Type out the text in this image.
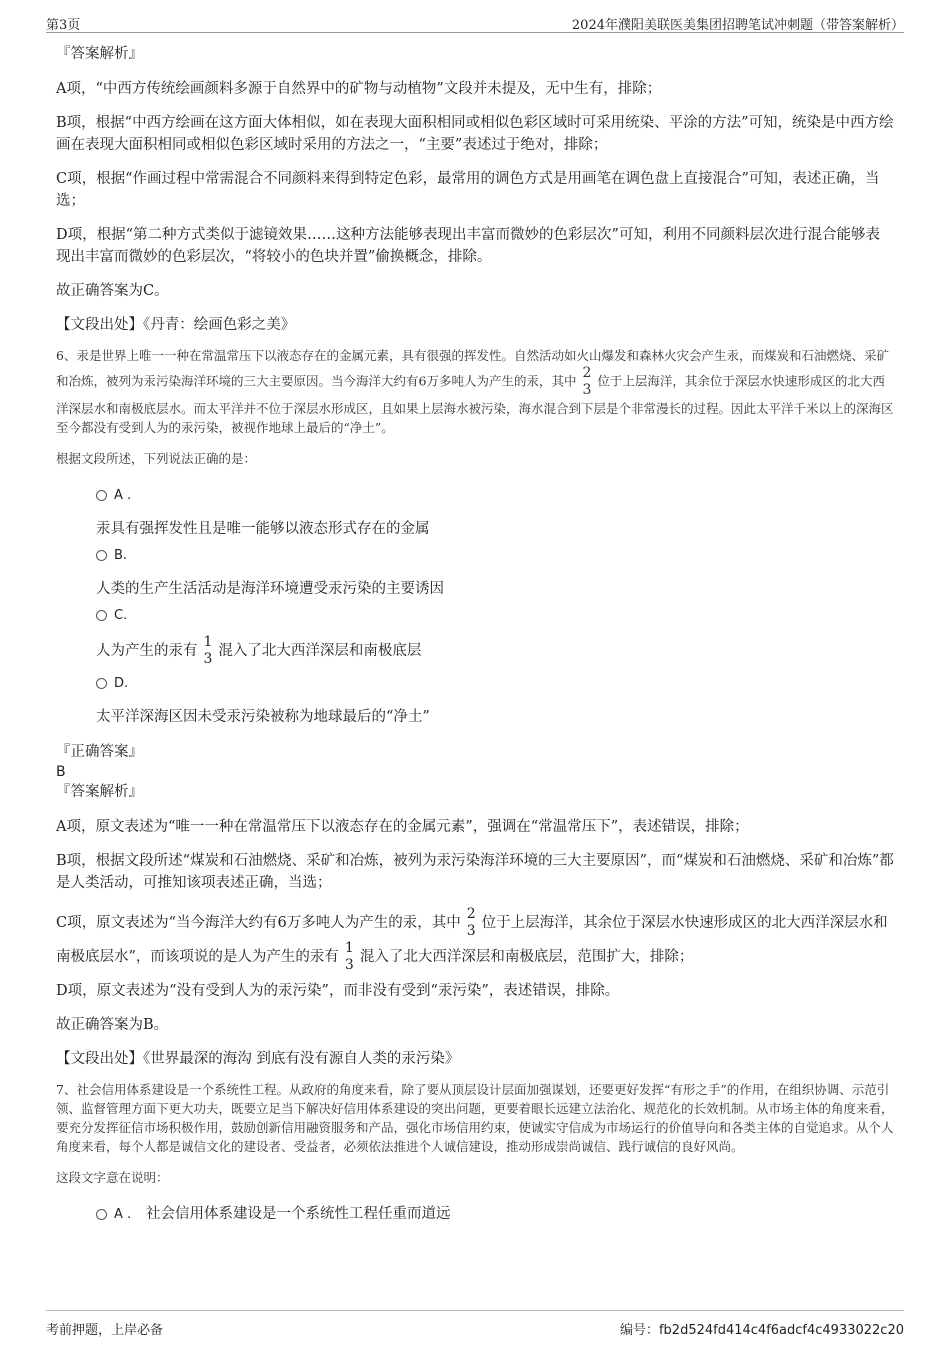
第3页	2024年濮阳美联医美集团招聘笔试冲刺题（带答案解析）

『答案解析』

A项，“中西方传统绘画颜料多源于自然界中的矿物与动植物”文段并未提及，无中生有，排除；

B项，根据“中西方绘画在这方面大体相似，如在表现大面积相同或相似色彩区域时可采用统染、平涂的方法”可知，统染是中西方绘画在表现大面积相同或相似色彩区域时采用的方法之一，“主要”表述过于绝对，排除；

C项，根据“作画过程中常需混合不同颜料来得到特定色彩，最常用的调色方式是用画笔在调色盘上直接混合”可知，表述正确，当选；

D项，根据“第二种方式类似于滤镜效果……这种方法能够表现出丰富而微妙的色彩层次”可知，利用不同颜料层次进行混合能够表现出丰富而微妙的色彩层次，“将较小的色块并置”偷换概念，排除。

故正确答案为C。

【文段出处】《丹青：绘画色彩之美》

6、汞是世界上唯一一种在常温常压下以液态存在的金属元素，具有很强的挥发性。自然活动如火山爆发和森林火灾会产生汞，而煤炭和石油燃烧、采矿和冶炼，被列为汞污染海洋环境的三大主要原因。当今海洋大约有6万多吨人为产生的汞，其中 2
3
位于上层海洋，其余位于深层水快速形成区的北大西洋深层水和南极底层水。而太平洋并不位于深层水形成区，且如果上层海水被污染，海水混合到下层是个非常漫长的过程。因此太平洋千米以上的深海区至今都没有受到人为的汞污染，被视作地球上最后的“净土”。

根据文段所述，下列说法正确的是：

A .

汞具有强挥发性且是唯一能够以液态形式存在的金属

B.

人类的生产生活活动是海洋环境遭受汞污染的主要诱因

C.

人为产生的汞有
1
3 混入了北大西洋深层和南极底层

D.

太平洋深海区因未受汞污染被称为地球最后的“净土”

『正确答案』

B

『答案解析』

A项，原文表述为“唯一一种在常温常压下以液态存在的金属元素”，强调在“常温常压下”，表述错误，排除；

B项，根据文段所述“煤炭和石油燃烧、采矿和冶炼，被列为汞污染海洋环境的三大主要原因”，而“煤炭和石油燃烧、采矿和冶炼”都是人类活动，可推知该项表述正确，当选；

C项，原文表述为“当今海洋大约有6万多吨人为产生的汞，其中
2
3 位于上层海洋，其余位于深层水快速形成区的北大西洋深层水和南极底层水”，而该项说的是人为产生的汞有
1
3 混入了北大西洋深层和南极底层，范围扩大，排除；

D项，原文表述为“没有受到人为的汞污染”，而非没有受到“汞污染”，表述错误，排除。

故正确答案为B。

【文段出处】《世界最深的海沟 到底有没有源自人类的汞污染》

7、社会信用体系建设是一个系统性工程。从政府的角度来看，除了要从顶层设计层面加强谋划，还要更好发挥“有形之手”的作用，在组织协调、示范引领、监督管理方面下更大功夫，既要立足当下解决好信用体系建设的突出问题，更要着眼长远建立法治化、规范化的长效机制。从市场主体的角度来看，要充分发挥征信市场积极作用，鼓励创新信用融资服务和产品，强化市场信用约束，使诚实守信成为市场运行的价值导向和各类主体的自觉追求。从个人角度来看，每个人都是诚信文化的建设者、受益者，必须依法推进个人诚信建设，推动形成崇尚诚信、践行诚信的良好风尚。

这段文字意在说明：

A . 社会信用体系建设是一个系统性工程任重而道远
考前押题，上岸必备	编号：fb2d524fd414c4f6adcf4c4933022c20
